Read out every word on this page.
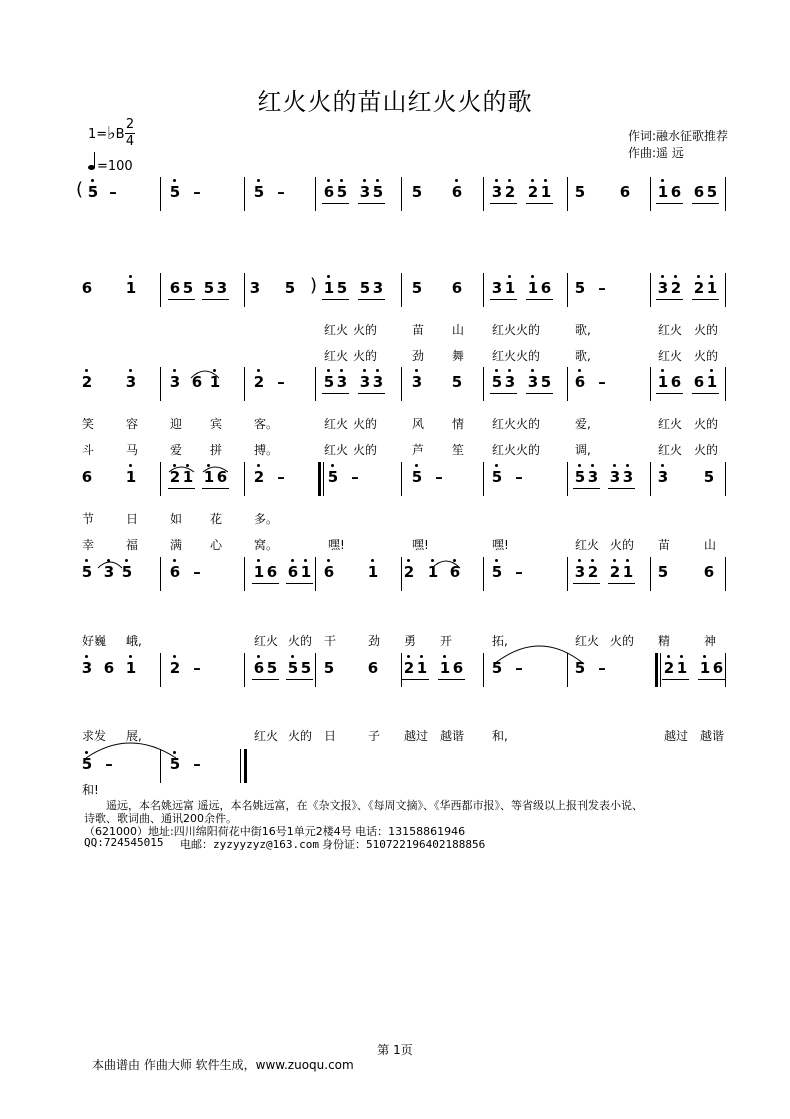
红火火的苗山红火火的歌
1=♭B
2
4
=100
作词:融水征歌推荐
作曲:遥 远
(
)
5 –	5 –	5 –	6 5 3 5 5 6 3 2 2 1 5 6 1 6 6 5
6 1 6 5 5 3 3 5 1 5 5 3 5 6 3 1 1 6 5 –	3 2 2 1
2 3 3 6 1 2 –	5 3 3 3 3 5 5 3 3 5 6 –	1 6 6 1
6 1 2 1 1 6 2 –	5 –	5 –	5 –	5 3 3 3 3 5
5 3 5	6 –	1 6 6 1 6 1 2 1 6 5 –	3 2 2 1 5 6
3 6 1 2 –	6 5 5 5 5 6 2 1 1 6 5 –	5 –	2 1 1 6
5 –	5 –
红火 火的	苗 山 红火 火的	歌,	红火 火的
红火 火的	劲 舞 红火 火的	歌,	红火 火的
笑	容	迎 宾	客。	红火 火的	风 情 红火 火的	爱,	红火 火的
斗	马	爱 拼	搏。	红火 火的	芦 笙 红火 火的	调,	红火 火的
节	日	如 花	多。
幸	福	满 心	窝。	嘿!	嘿!	嘿!	红火 火的 苗	山
好巍 峨,	红火 火的 干	劲 勇 开	拓,	红火 火的 精	神
求发 展,	红火 火的 日	子 越过 越谐 和,	越过 越谐
和!
遥远，本名姚远富 遥远，本名姚远富，在《杂文报》、《每周文摘》、《华西都市报》、等省级以上报刊发表小说、
诗歌、歌词曲、通讯200余件。
（621000）地址:四川绵阳荷花中街16号1单元2楼4号 电话：13158861946
QQ:724545015 电邮：zyzyyzyz@163.com 身份证：510722196402188856
第 1页
本曲谱由 作曲大师 软件生成，www.zuoqu.com
